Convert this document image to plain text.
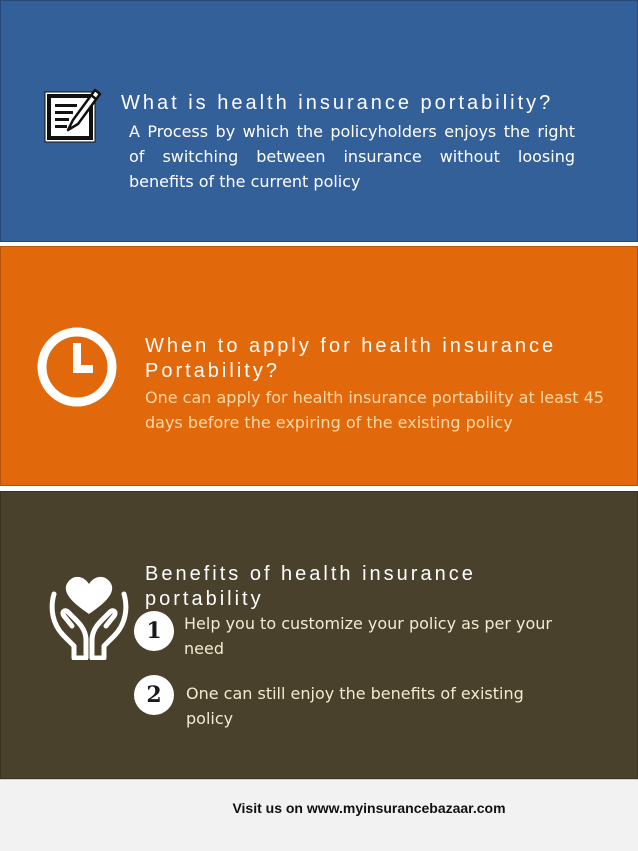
What is health insurance portability?

A Process by which the policyholders enjoys the right of switching between insurance without loosing benefits of the current policy

When to apply for health insurance Portability?

One can apply for health insurance portability at least 45 days before the expiring of the existing policy

Benefits of health insurance portability
1	Help you to customize your policy as per your need

2	One can still enjoy the benefits of existing policy

Visit us on www.myinsurancebazaar.com
